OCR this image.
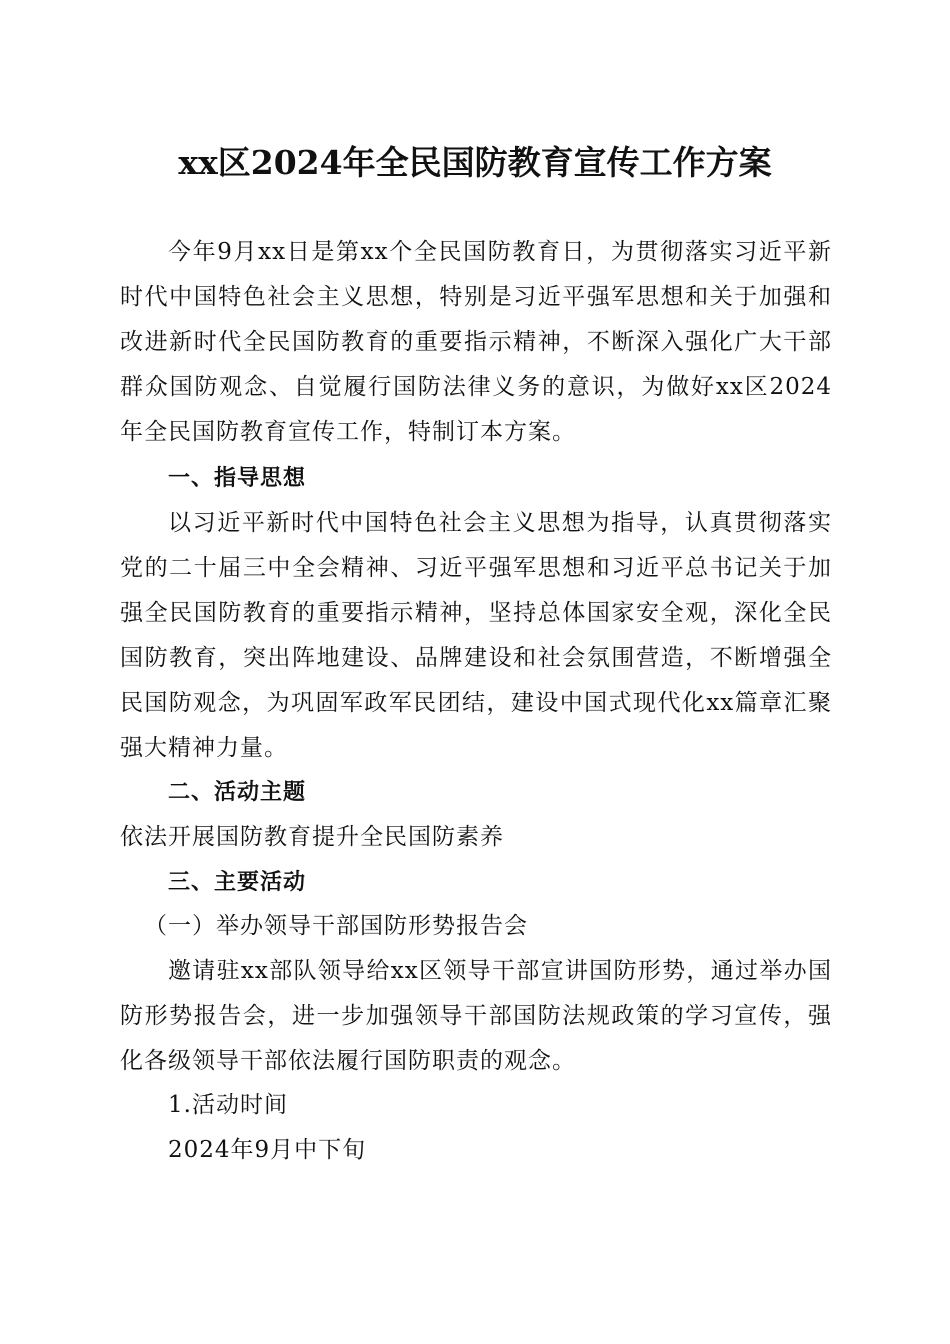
xx区2024年全民国防教育宣传工作方案

今年9月xx日是第xx个全民国防教育日，为贯彻落实习近平新时代中国特色社会主义思想，特别是习近平强军思想和关于加强和改进新时代全民国防教育的重要指示精神，不断深入强化广大干部群众国防观念、自觉履行国防法律义务的意识，为做好xx区2024年全民国防教育宣传工作，特制订本方案。

一、指导思想

以习近平新时代中国特色社会主义思想为指导，认真贯彻落实党的二十届三中全会精神、习近平强军思想和习近平总书记关于加强全民国防教育的重要指示精神，坚持总体国家安全观，深化全民国防教育，突出阵地建设、品牌建设和社会氛围营造，不断增强全民国防观念，为巩固军政军民团结，建设中国式现代化xx篇章汇聚强大精神力量。

二、活动主题

依法开展国防教育提升全民国防素养

三、主要活动

（一）举办领导干部国防形势报告会

邀请驻xx部队领导给xx区领导干部宣讲国防形势，通过举办国防形势报告会，进一步加强领导干部国防法规政策的学习宣传，强化各级领导干部依法履行国防职责的观念。

1.活动时间

2024年9月中下旬
